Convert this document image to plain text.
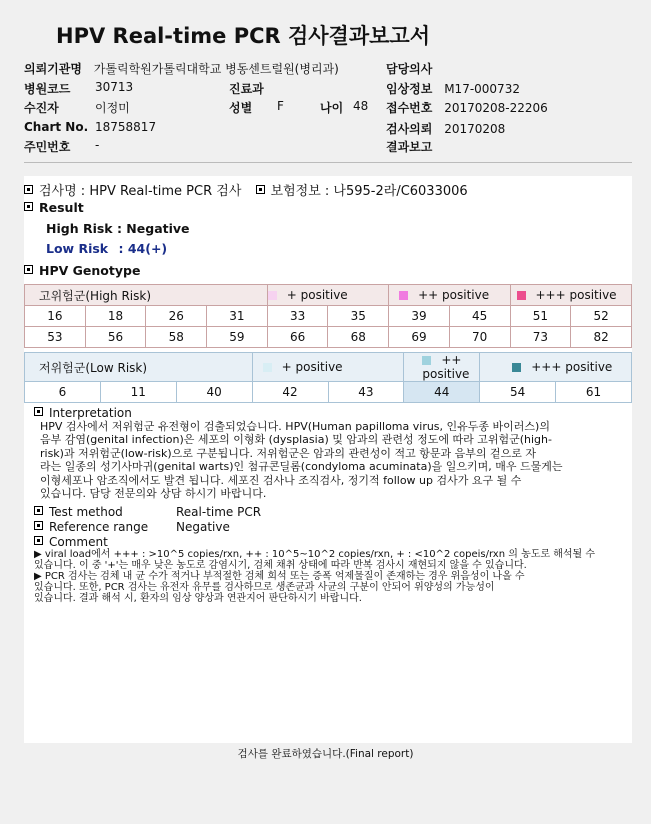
HPV Real-time PCR 검사결과보고서
의뢰기관명 가톨릭학원가톨릭대학교 병동센트럴원(병리과)	담당의사
병원코드 30713	진료과	임상정보 M17-000732
수진자	이정미	성별 F	나이 48 접수번호 20170208-22206
Chart No. 18758817	검사의뢰 20170208
주민번호 -	결과보고
검사명 : HPV Real-time PCR 검사 보험정보 : 나595-2라/C6033006
Result
High Risk : Negative
Low Risk : 44(+)
HPV Genotype
고위험군(High Risk)				+ positive		++ positive		+++ positive	
16	18	26	31	33	35	39	45	51	52
53	56	58	59	66	68	69	70	73	82
저위험군(Low Risk)			+ positive		++ positive	+++ positive	
6	11	40	42	43	44	54	61
Interpretation
HPV 검사에서 저위험군 유전형이 검출되었습니다. HPV(Human papilloma virus, 인유두종 바이러스)의
음부 감염(genital infection)은 세포의 이형화 (dysplasia) 및 암과의 관련성 정도에 따라 고위험군(high-
risk)과 저위험군(low-risk)으로 구분됩니다. 저위험군은 암과의 관련성이 적고 항문과 음부의 겉으로 자
라는 일종의 성기사마귀(genital warts)인 첨규콘딜롬(condyloma acuminata)을 일으키며, 매우 드물게는
이형세포나 암조직에서도 발견 됩니다. 세포진 검사나 조직검사, 정기적 follow up 검사가 요구 될 수
있습니다. 담당 전문의와 상담 하시기 바랍니다.
Test method	Real-time PCR
Reference range Negative
Comment
▶ viral load에서 +++ : >10^5 copies/rxn, ++ : 10^5~10^2 copies/rxn, + : <10^2 copeis/rxn 의 농도로 해석될 수
있습니다. 이 중 '+'는 매우 낮은 농도로 감염시기, 검체 채취 상태에 따라 반복 검사시 재현되지 않을 수 있습니다.
▶ PCR 검사는 검체 내 균 수가 적거나 부적절한 검체 희석 또는 증폭 억제물질이 존재하는 경우 위음성이 나올 수
있습니다. 또한, PCR 검사는 유전자 유무를 검사하므로 생존균과 사균의 구분이 안되어 위양성의 가능성이
있습니다. 결과 해석 시, 환자의 임상 양상과 연관지어 판단하시기 바랍니다.
검사를 완료하였습니다.(Final report)
